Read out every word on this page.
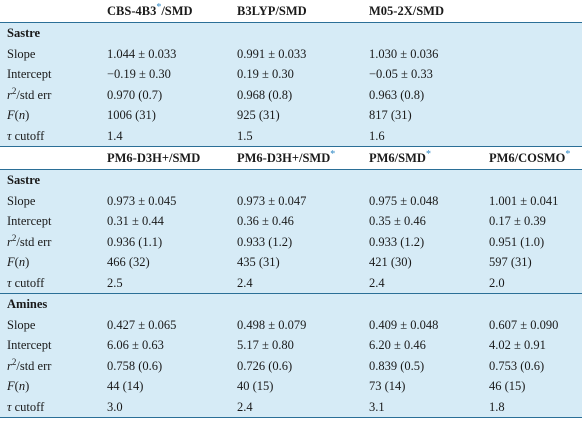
	CBS-4B3*/SMD	B3LYP/SMD	M05-2X/SMD	
Sastre				
Slope	1.044 ± 0.033	0.991 ± 0.033	1.030 ± 0.036	
Intercept	−0.19 ± 0.30	0.19 ± 0.30	−0.05 ± 0.33	
$r^2$/std err	0.970 (0.7)	0.968 (0.8)	0.963 (0.8)	
F(n)	1006 (31)	925 (31)	817 (31)	
τ cutoff	1.4	1.5	1.6	
	PM6-D3H+/SMD	PM6-D3H+/SMD*	PM6/SMD*	PM6/COSMO*
Sastre				
Slope	0.973 ± 0.045	0.973 ± 0.047	0.975 ± 0.048	1.001 ± 0.041
Intercept	0.31 ± 0.44	0.36 ± 0.46	0.35 ± 0.46	0.17 ± 0.39
$r^2$/std err	0.936 (1.1)	0.933 (1.2)	0.933 (1.2)	0.951 (1.0)
F(n)	466 (32)	435 (31)	421 (30)	597 (31)
τ cutoff	2.5	2.4	2.4	2.0
Amines				
Slope	0.427 ± 0.065	0.498 ± 0.079	0.409 ± 0.048	0.607 ± 0.090
Intercept	6.06 ± 0.63	5.17 ± 0.80	6.20 ± 0.46	4.02 ± 0.91
$r^2$/std err	0.758 (0.6)	0.726 (0.6)	0.839 (0.5)	0.753 (0.6)
F(n)	44 (14)	40 (15)	73 (14)	46 (15)
τ cutoff	3.0	2.4	3.1	1.8
